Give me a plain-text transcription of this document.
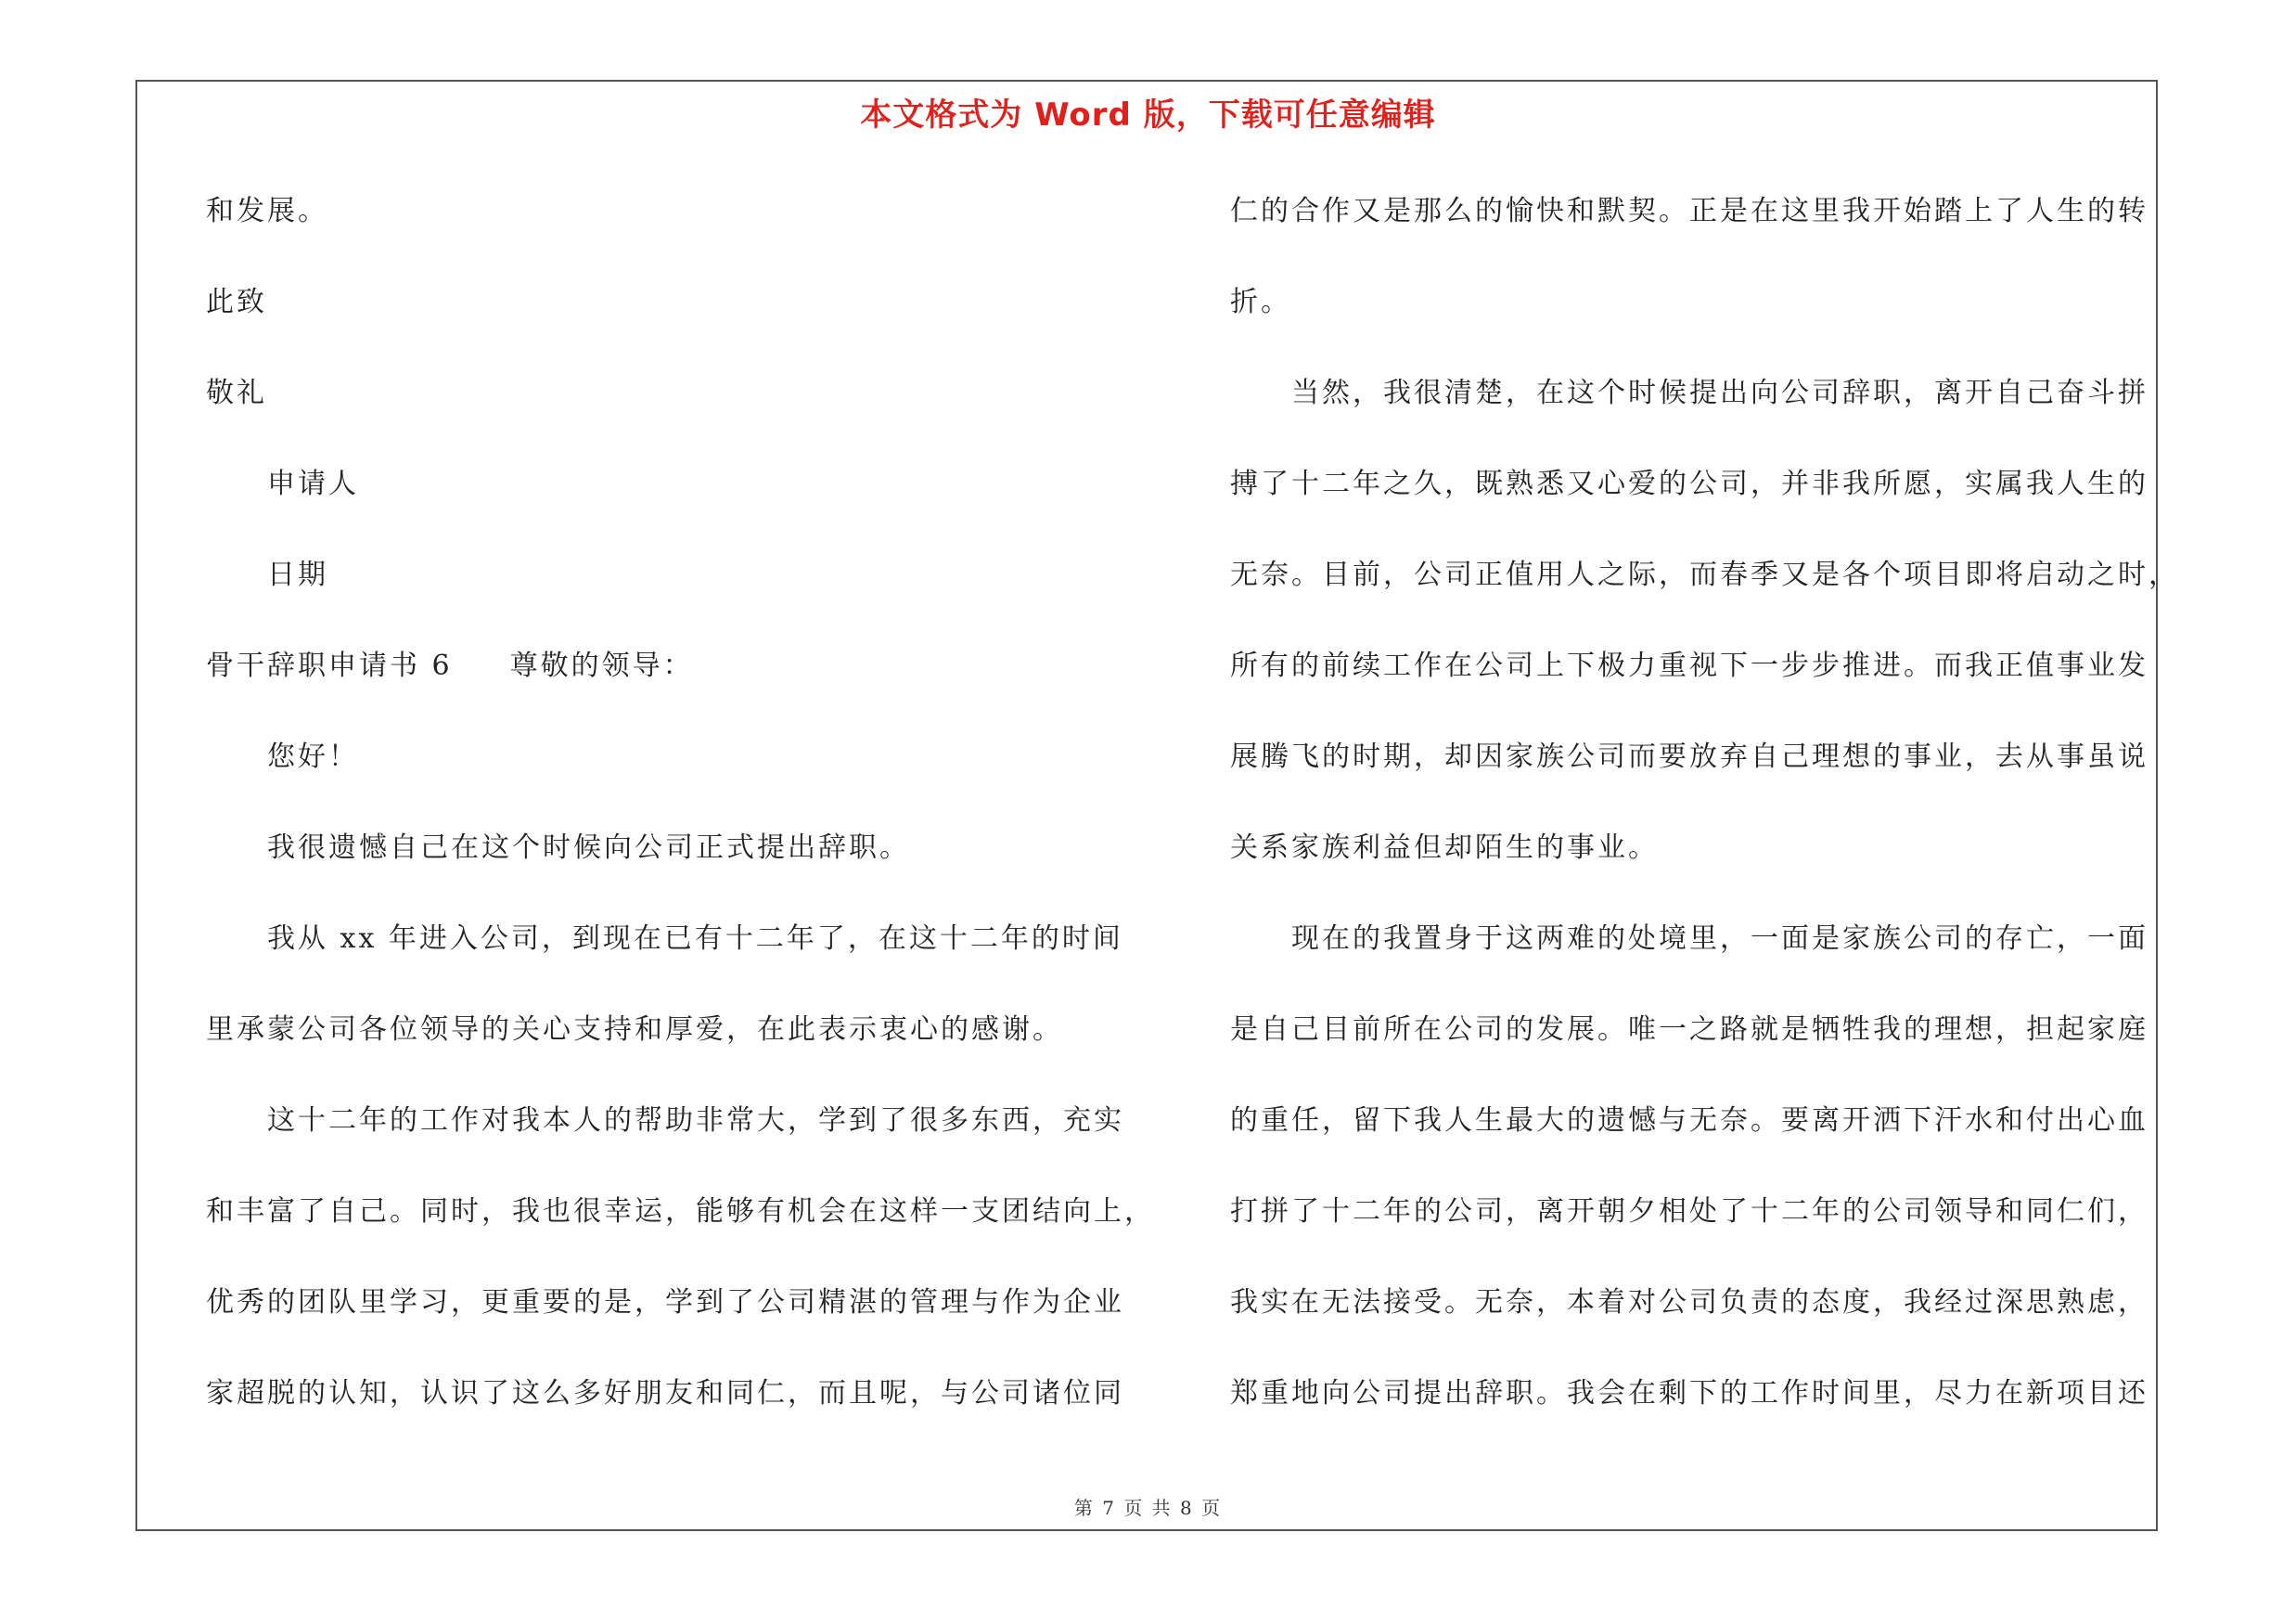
本文格式为 Word 版，下载可任意编辑
和发展。
此致
敬礼
申请人
日期
骨干辞职申请书 6 尊敬的领导：
您好！
我很遗憾自己在这个时候向公司正式提出辞职。
我从 xx 年进入公司，到现在已有十二年了，在这十二年的时间
里承蒙公司各位领导的关心支持和厚爱，在此表示衷心的感谢。
这十二年的工作对我本人的帮助非常大，学到了很多东西，充实
和丰富了自己。同时，我也很幸运，能够有机会在这样一支团结向上，
优秀的团队里学习，更重要的是，学到了公司精湛的管理与作为企业
家超脱的认知，认识了这么多好朋友和同仁，而且呢，与公司诸位同
仁的合作又是那么的愉快和默契。正是在这里我开始踏上了人生的转
折。
当然，我很清楚，在这个时候提出向公司辞职，离开自己奋斗拼
搏了十二年之久，既熟悉又心爱的公司，并非我所愿，实属我人生的
无奈。目前，公司正值用人之际，而春季又是各个项目即将启动之时，
所有的前续工作在公司上下极力重视下一步步推进。而我正值事业发
展腾飞的时期，却因家族公司而要放弃自己理想的事业，去从事虽说
关系家族利益但却陌生的事业。
现在的我置身于这两难的处境里，一面是家族公司的存亡，一面
是自己目前所在公司的发展。唯一之路就是牺牲我的理想，担起家庭
的重任，留下我人生最大的遗憾与无奈。要离开洒下汗水和付出心血
打拼了十二年的公司，离开朝夕相处了十二年的公司领导和同仁们，
我实在无法接受。无奈，本着对公司负责的态度，我经过深思熟虑，
郑重地向公司提出辞职。我会在剩下的工作时间里，尽力在新项目还
第 7 页 共 8 页
